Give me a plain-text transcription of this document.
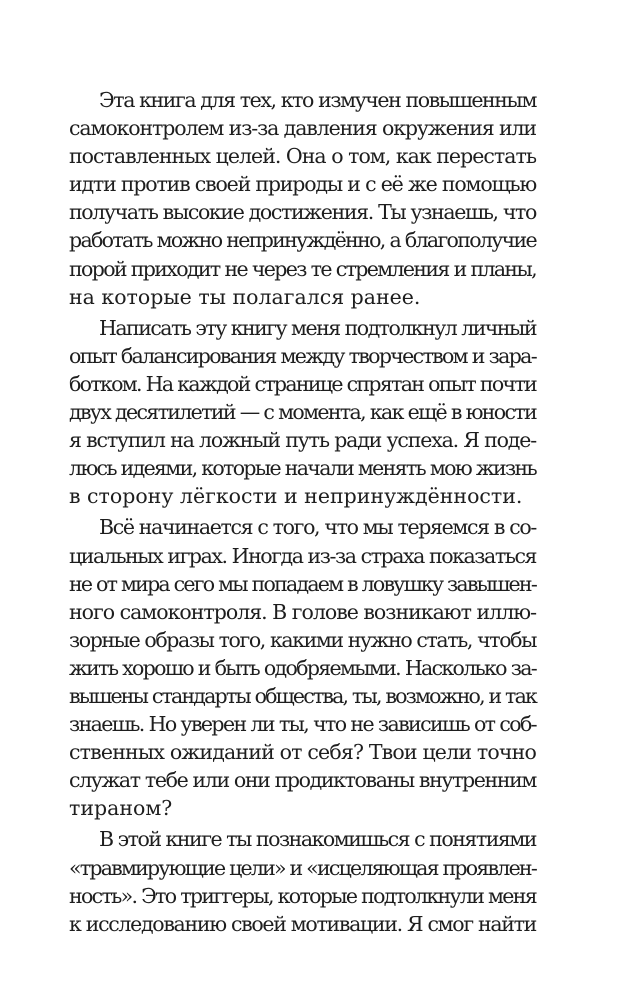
Эта книга для тех, кто измучен повышенным
самоконтролем из-за давления окружения или
поставленных целей. Она о том, как перестать
идти против своей природы и с её же помощью
получать высокие достижения. Ты узнаешь, что
работать можно непринуждённо, а благополучие
порой приходит не через те стремления и планы,
на которые ты полагался ранее.
Написать эту книгу меня подтолкнул личный
опыт балансирования между творчеством и зара-
ботком. На каждой странице спрятан опыт почти
двух десятилетий — с момента, как ещё в юности
я вступил на ложный путь ради успеха. Я поде-
люсь идеями, которые начали менять мою жизнь
в сторону лёгкости и непринуждённости.
Всё начинается с того, что мы теряемся в со-
циальных играх. Иногда из-за страха показаться
не от мира сего мы попадаем в ловушку завышен-
ного самоконтроля. В голове возникают иллю-
зорные образы того, какими нужно стать, чтобы
жить хорошо и быть одобряемыми. Насколько за-
вышены стандарты общества, ты, возможно, и так
знаешь. Но уверен ли ты, что не зависишь от соб-
ственных ожиданий от себя? Твои цели точно
служат тебе или они продиктованы внутренним
тираном?
В этой книге ты познакомишься с понятиями
«травмирующие цели» и «исцеляющая проявлен-
ность». Это триггеры, которые подтолкнули меня
к исследованию своей мотивации. Я смог найти
